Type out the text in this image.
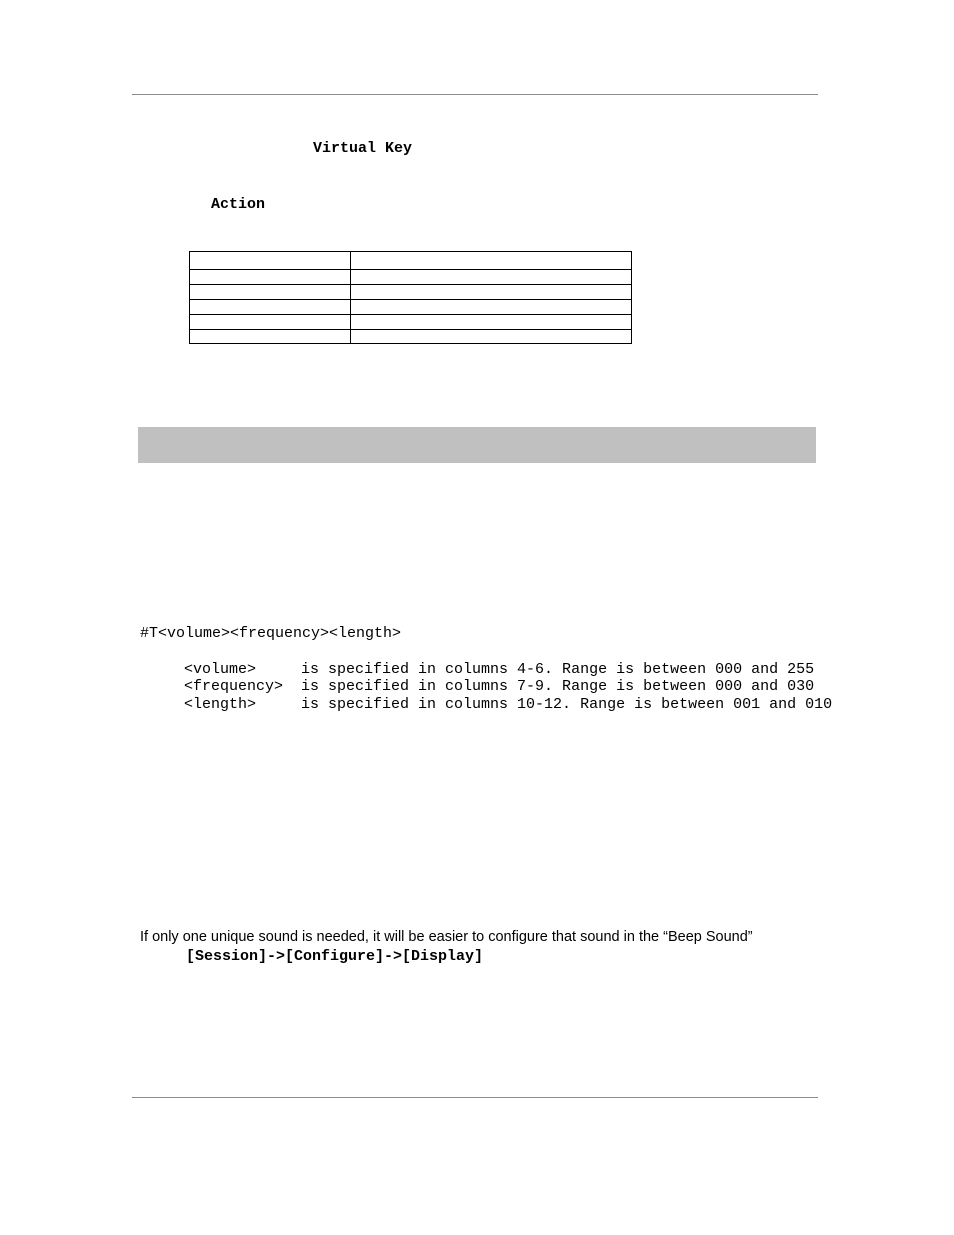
Virtual Key
Action

#T<volume><frequency><length>
<volume>     is specified in columns 4-6. Range is between 000 and 255
<frequency>  is specified in columns 7-9. Range is between 000 and 030
<length>     is specified in columns 10-12. Range is between 001 and 010
If only one unique sound is needed, it will be easier to configure that sound in the “Beep Sound”
[Session]->[Configure]->[Display]
